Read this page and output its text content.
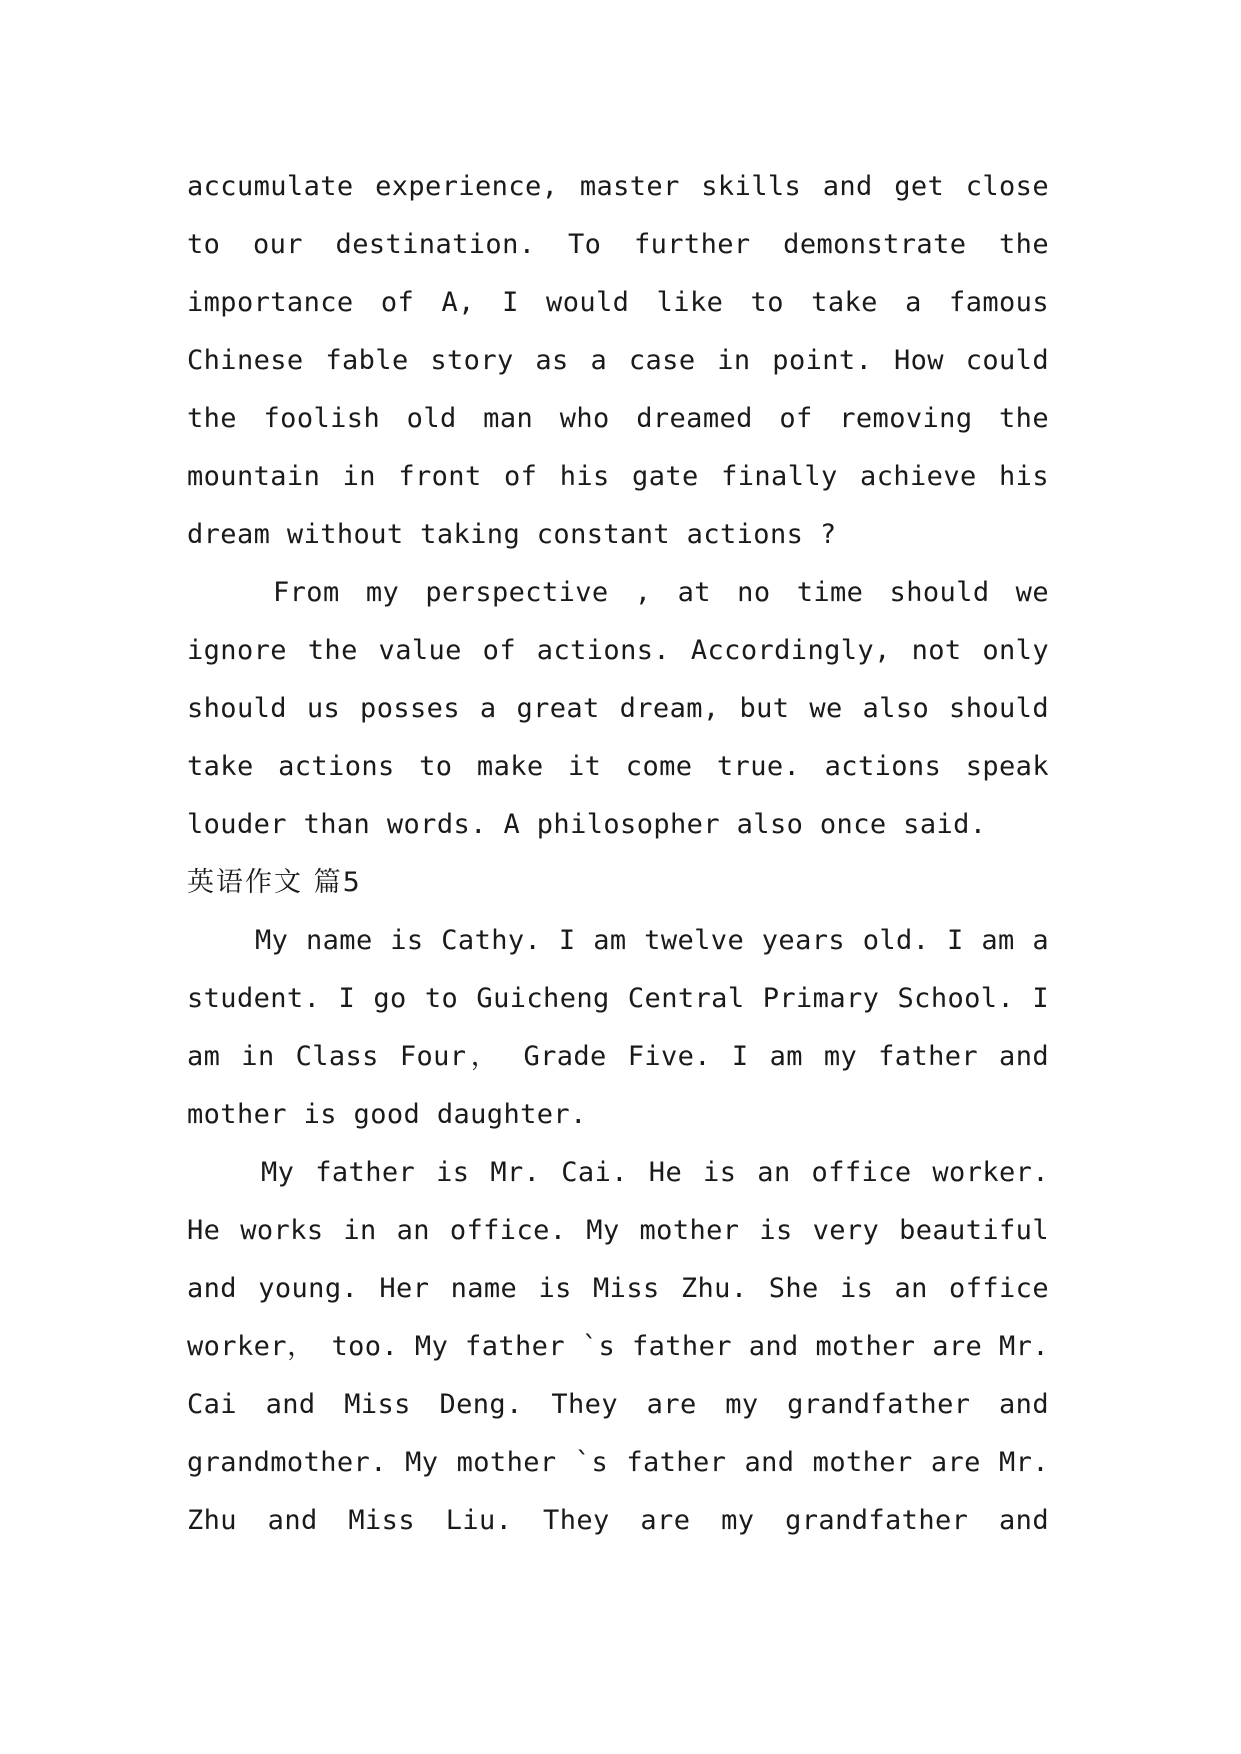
accumulate experience, master skills and get close
to our destination. To further demonstrate the
importance of A, I would like to take a famous
Chinese fable story as a case in point. How could
the foolish old man who dreamed of removing the
mountain in front of his gate finally achieve his
dream without taking constant actions ?
From my perspective , at no time should we
ignore the value of actions. Accordingly, not only
should us posses a great dream, but we also should
take actions to make it come true. actions speak
louder than words. A philosopher also once said.
英语作文 篇5
My name is Cathy. I am twelve years old. I am a
student. I go to Guicheng Central Primary School. I
am in Class Four， Grade Five. I am my father and
mother is good daughter.
My father is Mr. Cai. He is an office worker.
He works in an office. My mother is very beautiful
and young. Her name is Miss Zhu. She is an office
worker， too. My father `s father and mother are Mr.
Cai and Miss Deng. They are my grandfather and
grandmother. My mother `s father and mother are Mr.
Zhu and Miss Liu. They are my grandfather and
